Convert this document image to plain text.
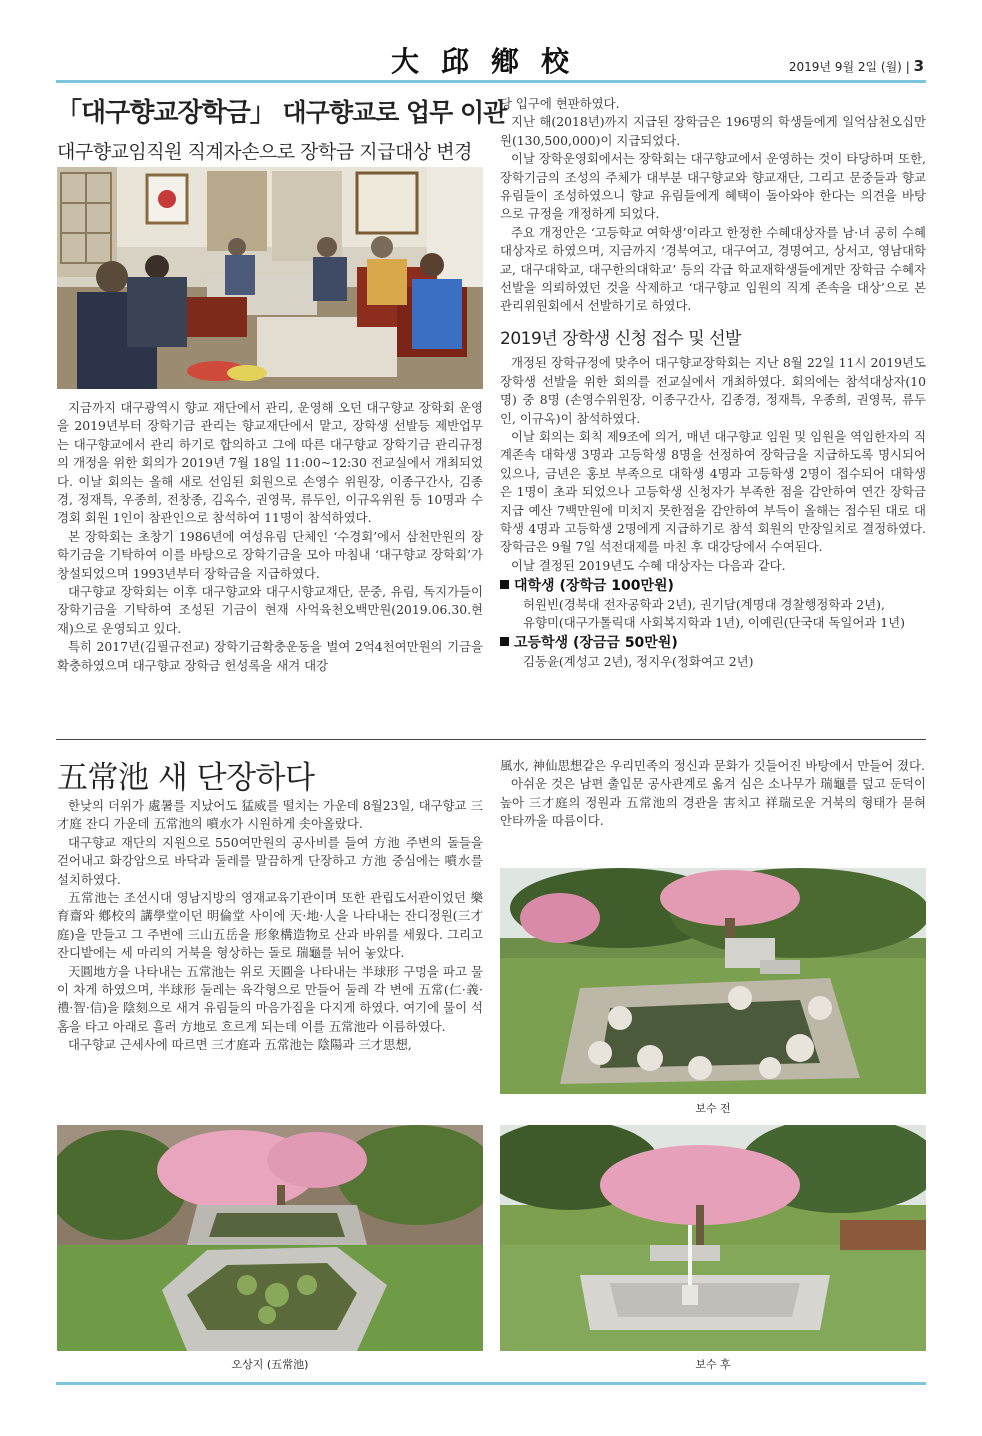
大邱鄕校	2019년 9월 2일 (월) | 3
「대구향교장학금」 대구향교로 업무 이관
대구향교임직원 직계자손으로 장학금 지급대상 변경

지금까지 대구광역시 향교 재단에서 관리, 운영해 오던 대구향교 장학회 운영을 2019년부터 장학기금 관리는 향교재단에서 맡고, 장학생 선발등 제반업무는 대구향교에서 관리 하기로 합의하고 그에 따른 대구향교 장학기금 관리규정의 개정을 위한 회의가 2019년 7월 18일 11:00~12:30 전교실에서 개최되었다. 이날 회의는 올해 새로 선임된 회원으로 손영수 위원장, 이종구간사, 김종경, 정재특, 우종희, 전창종, 김옥수, 권영묵, 류두인, 이규옥위원 등 10명과 수경회 회원 1인이 참관인으로 참석하여 11명이 참석하였다.

본 장학회는 초창기 1986년에 여성유림 단체인 ‘수경회’에서 삼천만원의 장학기금을 기탁하여 이를 바탕으로 장학기금을 모아 마침내 ‘대구향교 장학회’가 창설되었으며 1993년부터 장학금을 지급하였다.

대구향교 장학회는 이후 대구향교와 대구시향교재단, 문중, 유림, 독지가들이 장학기금을 기탁하여 조성된 기금이 현재 사억육천오백만원(2019.06.30.현재)으로 운영되고 있다.

특히 2017년(김필규전교) 장학기금확충운동을 벌여 2억4천여만원의 기금을 확충하였으며 대구향교 장학금 헌성록을 새겨 대강

당 입구에 현판하였다.

지난 해(2018년)까지 지급된 장학금은 196명의 학생들에게 일억삼천오십만원(130,500,000)이 지급되었다.

이날 장학운영회에서는 장학회는 대구향교에서 운영하는 것이 타당하며 또한, 장학기금의 조성의 주체가 대부분 대구향교와 향교재단, 그리고 문중들과 향교유림들이 조성하였으니 향교 유림들에게 혜택이 돌아와야 한다는 의견을 바탕으로 규정을 개정하게 되었다.

주요 개정안은 ‘고등학교 여학생’이라고 한정한 수혜대상자를 남·녀 공히 수혜 대상자로 하였으며, 지금까지 ‘경북여고, 대구여고, 경명여고, 상서고, 영남대학교, 대구대학교, 대구한의대학교’ 등의 각급 학교재학생들에게만 장학금 수혜자 선발을 의뢰하였던 것을 삭제하고 ‘대구향교 임원의 직계 존속을 대상’으로 본 관리위원회에서 선발하기로 하였다.

2019년 장학생 신청 접수 및 선발

개정된 장학규정에 맞추어 대구향교장학회는 지난 8월 22일 11시 2019년도 장학생 선발을 위한 회의를 전교실에서 개최하였다. 회의에는 참석대상자(10명) 중 8명 (손영수위원장, 이종구간사, 김종경, 정재특, 우종희, 권영묵, 류두인, 이규옥)이 참석하였다.

이날 회의는 회칙 제9조에 의거, 매년 대구향교 임원 및 임원을 역임한자의 직계존속 대학생 3명과 고등학생 8명을 선정하여 장학금을 지급하도록 명시되어있으나, 금년은 홍보 부족으로 대학생 4명과 고등학생 2명이 접수되어 대학생은 1명이 초과 되었으나 고등학생 신청자가 부족한 점을 감안하여 연간 장학금 지급 예산 7백만원에 미치지 못한점을 감안하여 부득이 올해는 접수된 대로 대학생 4명과 고등학생 2명에게 지급하기로 참석 회원의 만장일치로 결정하였다. 장학금은 9월 7일 석전대제를 마친 후 대강당에서 수여된다.

이날 결정된 2019년도 수혜 대상자는 다음과 같다.

대학생 (장학금 100만원)

허원빈(경북대 전자공학과 2년), 권기담(계명대 경찰행정학과 2년),

유향미(대구가톨릭대 사회복지학과 1년), 이예린(단국대 독일어과 1년)

고등학생 (장금금 50만원)

김동윤(계성고 2년), 정지우(정화여고 2년)

五常池 새 단장하다

한낮의 더위가 處暑를 지났어도 猛威를 떨치는 가운데 8월23일, 대구향교 三才庭 잔디 가운데 五常池의 噴水가 시원하게 솟아올랐다.

대구향교 재단의 지원으로 550여만원의 공사비를 들여 方池 주변의 돌들을 걷어내고 화강암으로 바닥과 둘레를 말끔하게 단장하고 方池 중심에는 噴水를 설치하였다.

五常池는 조선시대 영남지방의 영재교육기관이며 또한 관립도서관이었던 樂育齋와 鄕校의 講學堂이던 明倫堂 사이에 天·地·人을 나타내는 잔디정원(三才庭)을 만들고 그 주변에 三山五岳을 形象構造物로 산과 바위를 세웠다. 그리고 잔디밭에는 세 마리의 거북을 형상하는 돌로 瑞龜를 뉘어 놓았다.

天圓地方을 나타내는 五常池는 위로 天圓을 나타내는 半球形 구멍을 파고 물이 차게 하였으며, 半球形 둘레는 육각형으로 만들어 둘레 각 변에 五常(仁·義·禮·智·信)을 陰刻으로 새겨 유림들의 마음가짐을 다지게 하였다. 여기에 물이 석홈을 타고 아래로 흘러 方地로 흐르게 되는데 이를 五常池라 이름하였다.

대구향교 근세사에 따르면 三才庭과 五常池는 陰陽과 三才思想,

風水, 神仙思想같은 우리민족의 정신과 문화가 깃들어진 바탕에서 만들어 졌다.

아쉬운 것은 남편 출입문 공사관계로 옮겨 심은 소나무가 瑞龜를 덮고 둔덕이 높아 三才庭의 정원과 五常池의 경관을 害치고 祥瑞로운 거북의 형태가 묻혀 안타까울 따름이다.

보수 전
오상지 (五常池)	보수 후
